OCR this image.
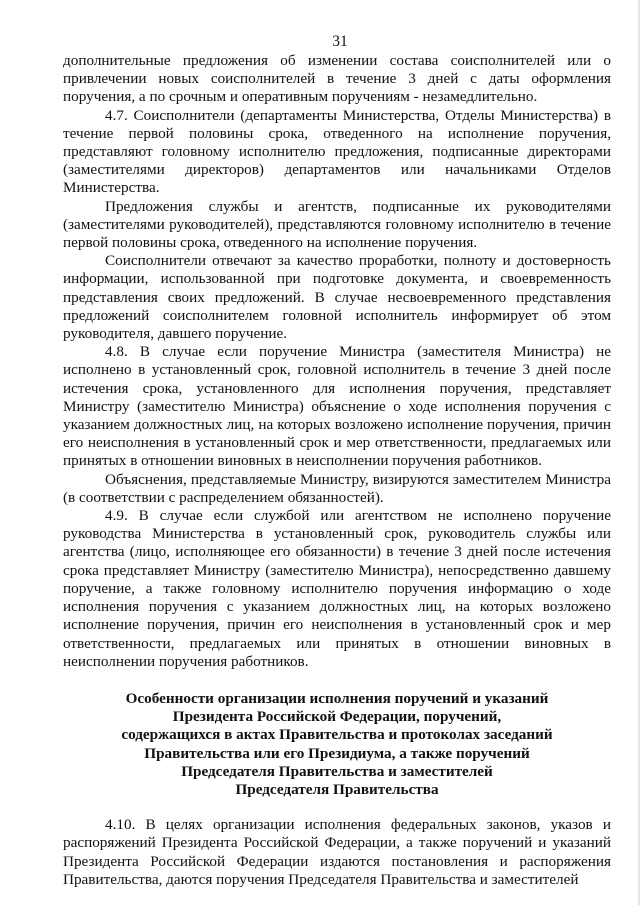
31

дополнительные предложения об изменении состава соисполнителей или о привлечении новых соисполнителей в течение 3 дней с даты оформления поручения, а по срочным и оперативным поручениям - незамедлительно.

4.7. Соисполнители (департаменты Министерства, Отделы Министерства) в течение первой половины срока, отведенного на исполнение поручения, представляют головному исполнителю предложения, подписанные директорами (заместителями директоров) департаментов или начальниками Отделов Министерства.

Предложения службы и агентств, подписанные их руководителями (заместителями руководителей), представляются головному исполнителю в течение первой половины срока, отведенного на исполнение поручения.

Соисполнители отвечают за качество проработки, полноту и достоверность информации, использованной при подготовке документа, и своевременность представления своих предложений. В случае несвоевременного представления предложений соисполнителем головной исполнитель информирует об этом руководителя, давшего поручение.

4.8. В случае если поручение Министра (заместителя Министра) не исполнено в установленный срок, головной исполнитель в течение 3 дней после истечения срока, установленного для исполнения поручения, представляет Министру (заместителю Министра) объяснение о ходе исполнения поручения с указанием должностных лиц, на которых возложено исполнение поручения, причин его неисполнения в установленный срок и мер ответственности, предлагаемых или принятых в отношении виновных в неисполнении поручения работников.

Объяснения, представляемые Министру, визируются заместителем Министра (в соответствии с распределением обязанностей).

4.9. В случае если службой или агентством не исполнено поручение руководства Министерства в установленный срок, руководитель службы или агентства (лицо, исполняющее его обязанности) в течение 3 дней после истечения срока представляет Министру (заместителю Министра), непосредственно давшему поручение, а также головному исполнителю поручения информацию о ходе исполнения поручения с указанием должностных лиц, на которых возложено исполнение поручения, причин его неисполнения в установленный срок и мер ответственности, предлагаемых или принятых в отношении виновных в неисполнении поручения работников.

Особенности организации исполнения поручений и указаний
Президента Российской Федерации, поручений,
содержащихся в актах Правительства и протоколах заседаний
Правительства или его Президиума, а также поручений
Председателя Правительства и заместителей
Председателя Правительства

4.10. В целях организации исполнения федеральных законов, указов и распоряжений Президента Российской Федерации, а также поручений и указаний Президента Российской Федерации издаются постановления и распоряжения Правительства, даются поручения Председателя Правительства и заместителей
